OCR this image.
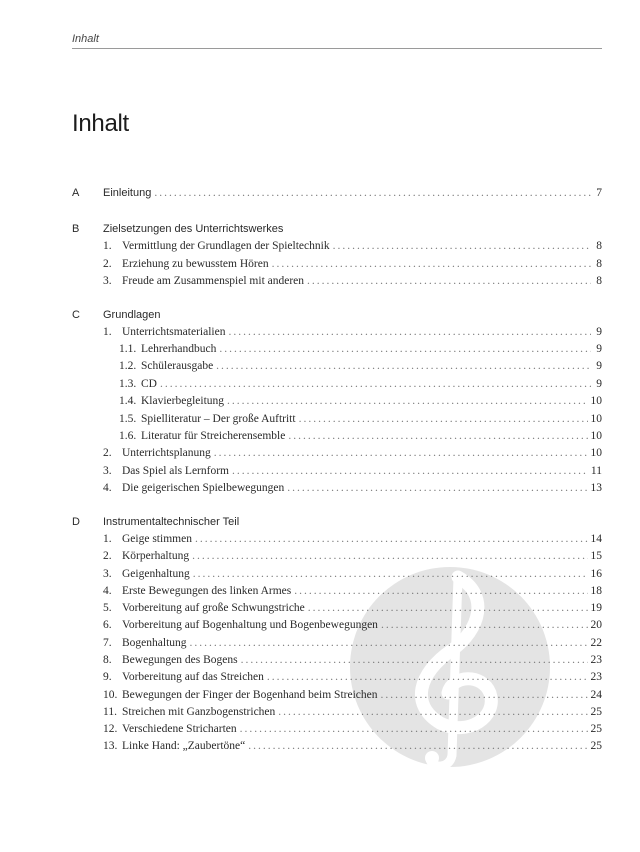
Inhalt
Inhalt
A	Einleitung .....	7
B	Zielsetzungen des Unterrichtswerkes
1. Vermittlung der Grundlagen der Spieltechnik .....	8
2. Erziehung zu bewusstem Hören .....	8
3. Freude am Zusammenspiel mit anderen .....	8
C	Grundlagen
1. Unterrichtsmaterialien .....	9
1.1. Lehrerhandbuch .....	9
1.2. Schülerausgabe .....	9
1.3. CD .....	9
1.4. Klavierbegleitung .....	10
1.5. Spielliteratur – Der große Auftritt .....	10
1.6. Literatur für Streicherensemble .....	10
2. Unterrichtsplanung .....	10
3. Das Spiel als Lernform .....	11
4. Die geigerischen Spielbewegungen .....	13
D	Instrumentaltechnischer Teil
1. Geige stimmen .....	14
2. Körperhaltung .....	15
3. Geigenhaltung .....	16
4. Erste Bewegungen des linken Armes .....	18
5. Vorbereitung auf große Schwungstriche .....	19
6. Vorbereitung auf Bogenhaltung und Bogenbewegungen .....	20
7. Bogenhaltung .....	22
8. Bewegungen des Bogens .....	23
9. Vorbereitung auf das Streichen .....	23
10. Bewegungen der Finger der Bogenhand beim Streichen .....	24
11. Streichen mit Ganzbogenstrichen .....	25
12. Verschiedene Stricharten .....	25
13. Linke Hand: „Zaubertöne“ .....	25
